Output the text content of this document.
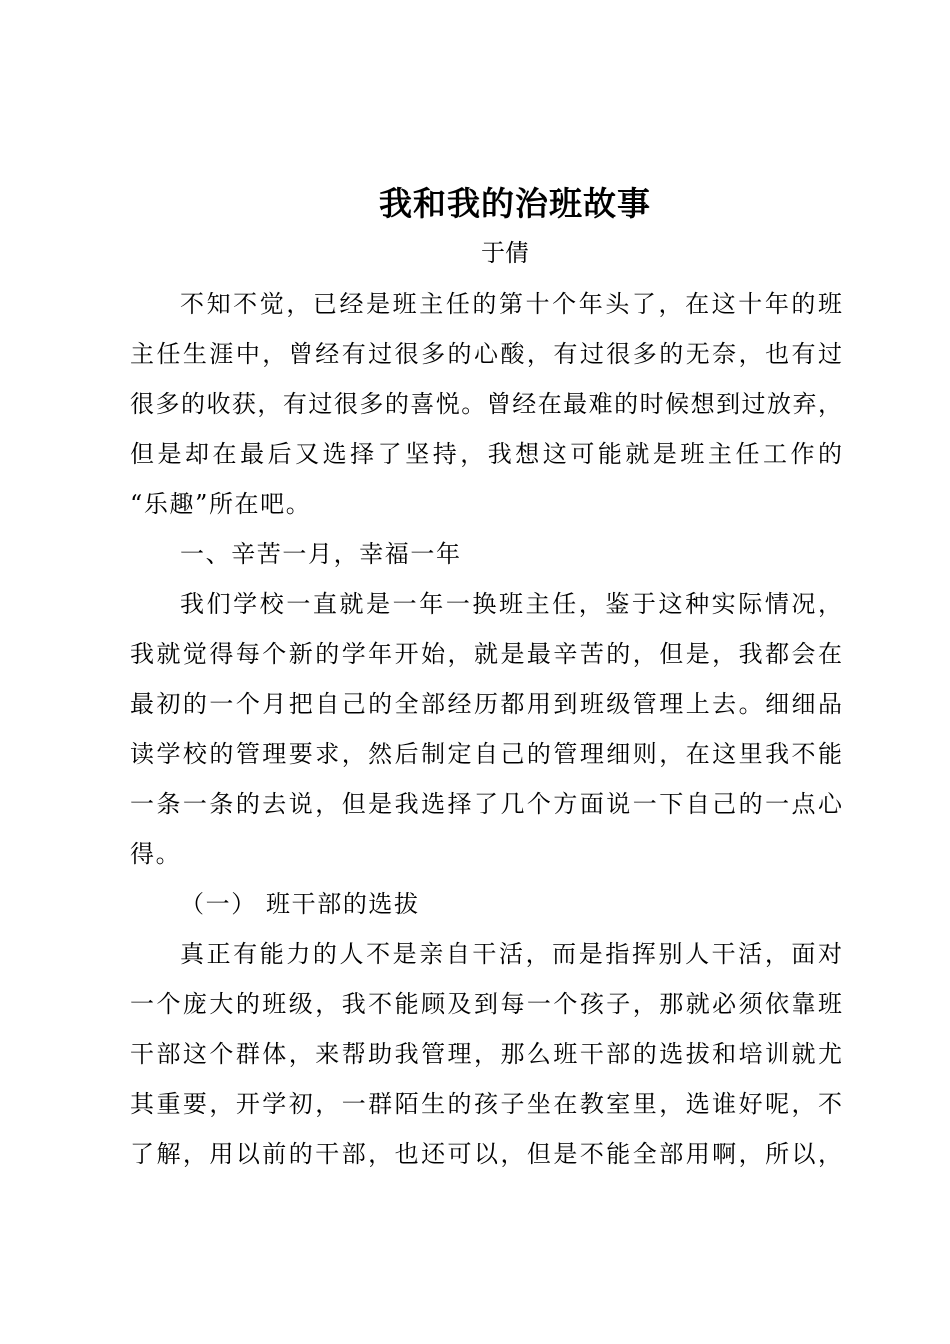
我和我的治班故事
于倩
不知不觉，已经是班主任的第十个年头了，在这十年的班
主任生涯中，曾经有过很多的心酸，有过很多的无奈，也有过
很多的收获，有过很多的喜悦。曾经在最难的时候想到过放弃，
但是却在最后又选择了坚持，我想这可能就是班主任工作的
“乐趣”所在吧。
一、辛苦一月，幸福一年
我们学校一直就是一年一换班主任，鉴于这种实际情况，
我就觉得每个新的学年开始，就是最辛苦的，但是，我都会在
最初的一个月把自己的全部经历都用到班级管理上去。细细品
读学校的管理要求，然后制定自己的管理细则，在这里我不能
一条一条的去说，但是我选择了几个方面说一下自己的一点心
得。
（一） 班干部的选拔
真正有能力的人不是亲自干活，而是指挥别人干活，面对
一个庞大的班级，我不能顾及到每一个孩子，那就必须依靠班
干部这个群体，来帮助我管理，那么班干部的选拔和培训就尤
其重要，开学初，一群陌生的孩子坐在教室里，选谁好呢，不
了解，用以前的干部，也还可以，但是不能全部用啊，所以，
